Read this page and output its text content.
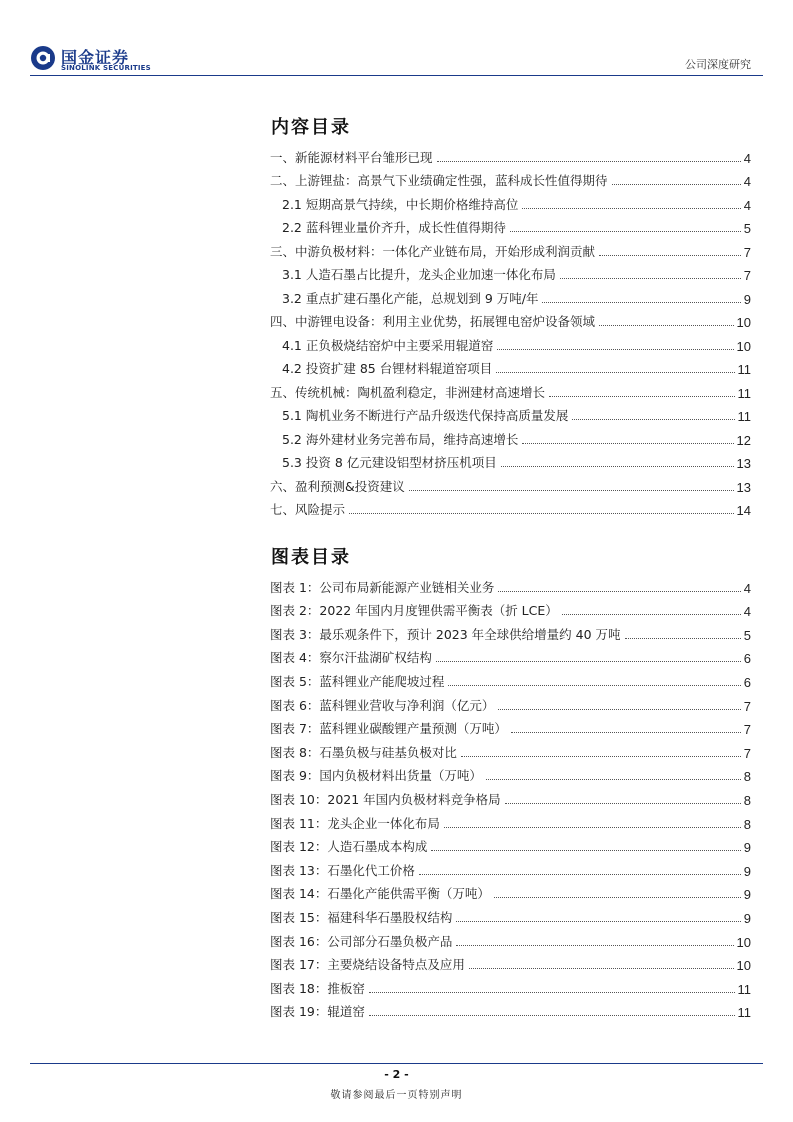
国金证券
SINOLINK SECURITIES	公司深度研究
内容目录
一、新能源材料平台雏形已现	4
二、上游锂盐：高景气下业绩确定性强，蓝科成长性值得期待	4
2.1 短期高景气持续，中长期价格维持高位	4
2.2 蓝科锂业量价齐升，成长性值得期待	5
三、中游负极材料：一体化产业链布局，开始形成利润贡献	7
3.1 人造石墨占比提升，龙头企业加速一体化布局	7
3.2 重点扩建石墨化产能，总规划到 9 万吨/年	9
四、中游锂电设备：利用主业优势，拓展锂电窑炉设备领域	10
4.1 正负极烧结窑炉中主要采用辊道窑	10
4.2 投资扩建 85 台锂材料辊道窑项目	11
五、传统机械：陶机盈利稳定，非洲建材高速增长	11
5.1 陶机业务不断进行产品升级迭代保持高质量发展	11
5.2 海外建材业务完善布局，维持高速增长	12
5.3 投资 8 亿元建设铝型材挤压机项目	13
六、盈利预测&投资建议	13
七、风险提示	14
图表目录
图表 1：公司布局新能源产业链相关业务	4
图表 2：2022 年国内月度锂供需平衡表（折 LCE）	4
图表 3：最乐观条件下，预计 2023 年全球供给增量约 40 万吨	5
图表 4：察尔汗盐湖矿权结构	6
图表 5：蓝科锂业产能爬坡过程	6
图表 6：蓝科锂业营收与净利润（亿元）	7
图表 7：蓝科锂业碳酸锂产量预测（万吨）	7
图表 8：石墨负极与硅基负极对比	7
图表 9：国内负极材料出货量（万吨）	8
图表 10：2021 年国内负极材料竞争格局	8
图表 11：龙头企业一体化布局	8
图表 12：人造石墨成本构成	9
图表 13：石墨化代工价格	9
图表 14：石墨化产能供需平衡（万吨）	9
图表 15：福建科华石墨股权结构	9
图表 16：公司部分石墨负极产品	10
图表 17：主要烧结设备特点及应用	10
图表 18：推板窑	11
图表 19：辊道窑	11
- 2 -
敬请参阅最后一页特别声明
